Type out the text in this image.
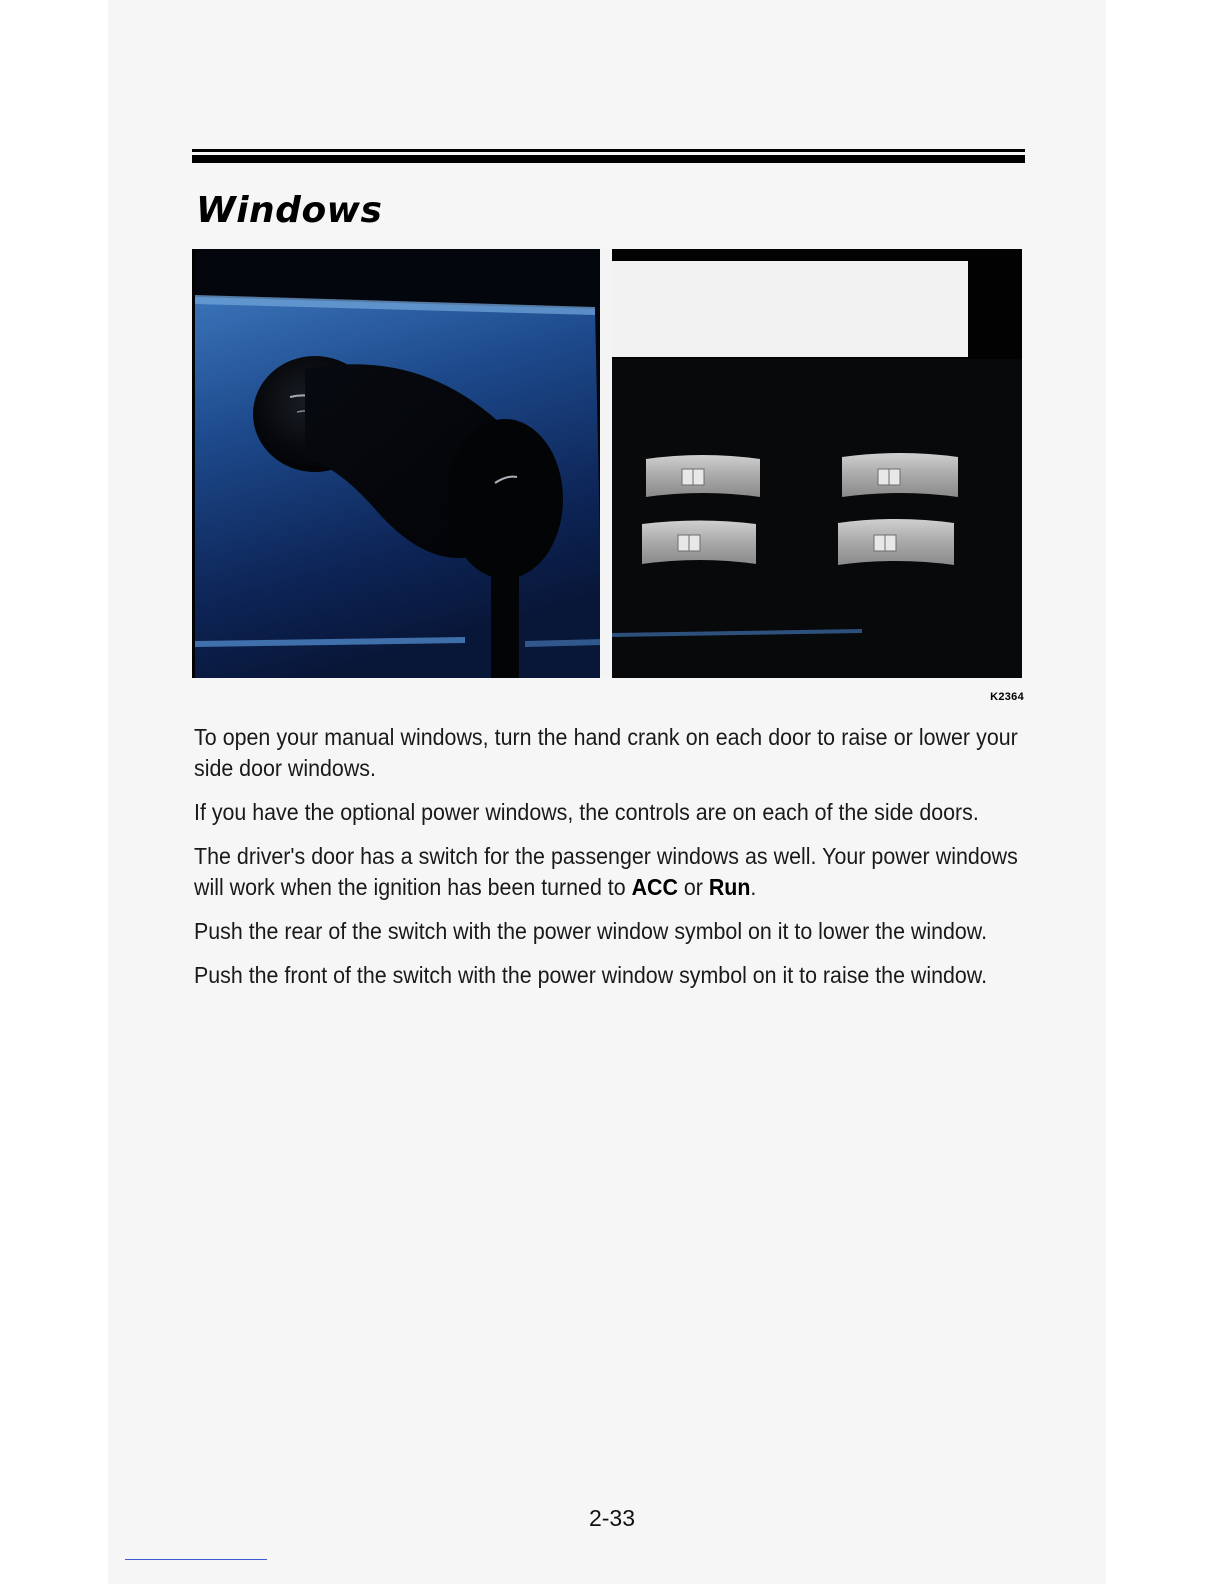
Windows
K2364

To open your manual windows, turn the hand crank on each door to raise or lower your side door windows.

If you have the optional power windows, the controls are on each of the side doors.

The driver's door has a switch for the passenger windows as well. Your power windows will work when the ignition has been turned to ACC or Run.

Push the rear of the switch with the power window symbol on it to lower the window.

Push the front of the switch with the power window symbol on it to raise the window.

2-33
